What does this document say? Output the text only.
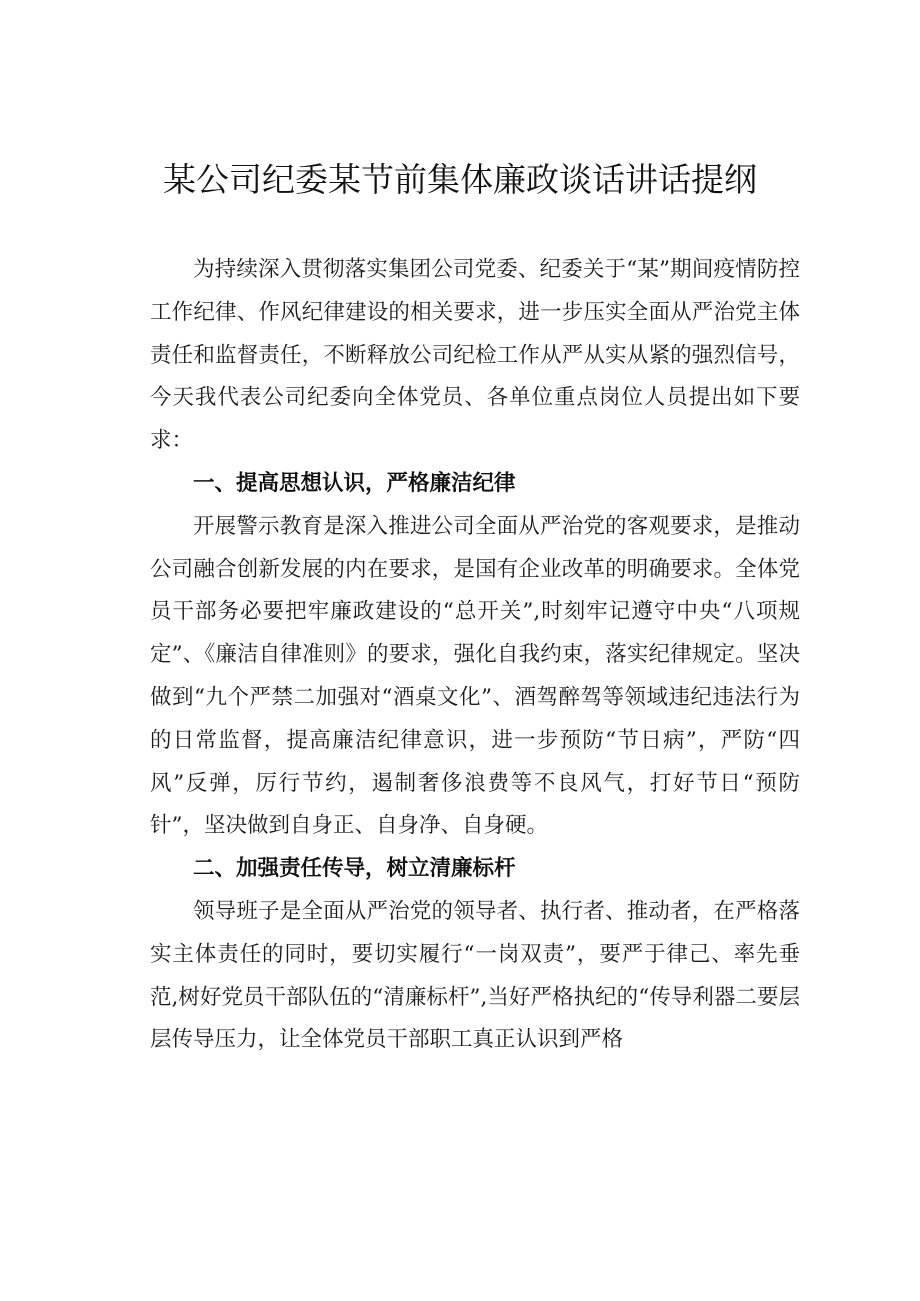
某公司纪委某节前集体廉政谈话讲话提纲

为持续深入贯彻落实集团公司党委、纪委关于“某”期间疫情防控工作纪律、作风纪律建设的相关要求，进一步压实全面从严治党主体责任和监督责任，不断释放公司纪检工作从严从实从紧的强烈信号，今天我代表公司纪委向全体党员、各单位重点岗位人员提出如下要求：

一、提高思想认识，严格廉洁纪律

开展警示教育是深入推进公司全面从严治党的客观要求，是推动公司融合创新发展的内在要求，是国有企业改革的明确要求。全体党员干部务必要把牢廉政建设的“总开关”,时刻牢记遵守中央“八项规定”、《廉洁自律准则》的要求，强化自我约束，落实纪律规定。坚决做到“九个严禁二加强对“酒桌文化”、酒驾醉驾等领域违纪违法行为的日常监督，提高廉洁纪律意识，进一步预防“节日病”，严防“四风”反弹，厉行节约，遏制奢侈浪费等不良风气，打好节日“预防针”，坚决做到自身正、自身净、自身硬。

二、加强责任传导，树立清廉标杆

领导班子是全面从严治党的领导者、执行者、推动者，在严格落实主体责任的同时，要切实履行“一岗双责”，要严于律己、率先垂范,树好党员干部队伍的“清廉标杆”,当好严格执纪的“传导利器二要层层传导压力，让全体党员干部职工真正认识到严格
